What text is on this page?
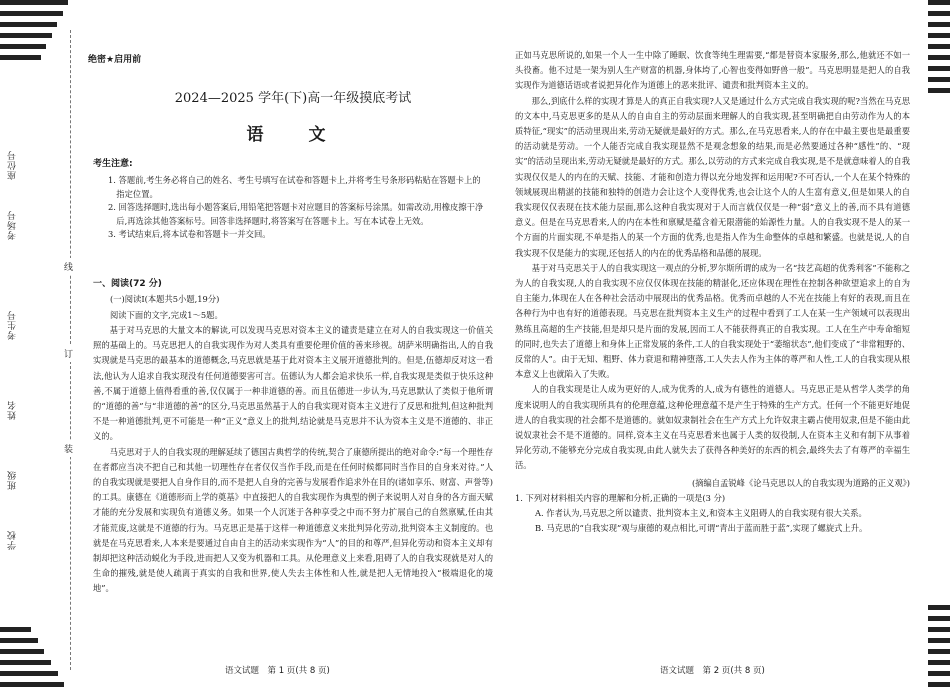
学校
班级
姓名
考生号
考场号
座位号
装
订
线
绝密★启用前
2024—2025 学年(下)高一年级摸底考试
语　文
考生注意:
1. 答题前,考生务必将自己的姓名、考生号填写在试卷和答题卡上,并将考生号条形码粘贴在答题卡上的指定位置。
2. 回答选择题时,选出每小题答案后,用铅笔把答题卡对应题目的答案标号涂黑。如需改动,用橡皮擦干净后,再选涂其他答案标号。回答非选择题时,将答案写在答题卡上。写在本试卷上无效。
3. 考试结束后,将本试卷和答题卡一并交回。
一、阅读(72 分)
(一)阅读Ⅰ(本题共5小题,19分)
阅读下面的文字,完成1～5题。

基于对马克思的大量文本的解读,可以发现马克思对资本主义的谴责是建立在对人的自我实现这一价值关照的基础上的。马克思把人的自我实现作为对人类具有重要伦理价值的善来珍视。胡萨米明确指出,人的自我实现就是马克思的最基本的道德概念,马克思就是基于此对资本主义展开道德批判的。但是,伍德却反对这一看法,他认为人追求自我实现没有任何道德要害可言。伍德认为人都会追求快乐一样,自我实现是类似于快乐这种善,不属于道德上值得看重的善,仅仅属于一种非道德的善。而且伍德进一步认为,马克思默认了类似于他所谓的“道德的善”与“非道德的善”的区分,马克思虽然基于人的自我实现对资本主义进行了反思和批判,但这种批判不是一种道德批判,更不可能是一种“正义”意义上的批判,结论就是马克思并不认为资本主义是不道德的、非正义的。

马克思对于人的自我实现的理解延续了德国古典哲学的传统,契合了康德所提出的绝对命令:“每一个理性存在者都应当决不把自己和其他一切理性存在者仅仅当作手段,而是在任何时候都同时当作目的自身来对待。”人的自我实现就是要把人自身作目的,而不是把人自身的完善与发展看作追求外在目的(诸如享乐、财富、声誉等)的工具。康德在《道德形而上学的奠基》中直接把人的自我实现作为典型的例子来说明人对自身的各方面天赋才能的充分发展和实现负有道德义务。如果一个人沉迷于各种享受之中而不努力扩展自己的自然禀赋,任由其才能荒废,这就是不道德的行为。马克思正是基于这样一种道德意义来批判异化劳动,批判资本主义制度的。也就是在马克思看来,人本来是要通过自由自主的活动来实现作为“人”的目的和尊严,但异化劳动和资本主义却有制却把这种活动蜕化为手段,进而把人又变为机器和工具。从伦理意义上来看,阻碍了人的自我实现就是对人的生命的摧残,就是使人疏离于真实的自我和世界,使人失去主体性和人性,就是把人无情地投入“极端退化的境地”。

语文试题　第 1 页(共 8 页)

正如马克思所说的,如果一个人一生中除了睡眠、饮食等纯生理需要,“都是替资本家服务,那么,他就还不如一头役畜。他不过是一架为别人生产财富的机器,身体垮了,心智也变得如野兽一般”。马克思明显是把人的自我实现作为道德话语或者说把异化作为道德上的恶来批评、谴责和批判资本主义的。

那么,到底什么样的实现才算是人的真正自我实现?人又是通过什么方式完成自我实现的呢?当然在马克思的文本中,马克思更多的是从人的自由自主的劳动层面来理解人的自我实现,甚至明确把自由劳动作为人的本质特征,“现实”的活动里现出来,劳动无疑就是最好的方式。那么,在马克思看来,人的存在中最主要也是最重要的活动就是劳动。一个人能否完成自我实现显然不是观念想象的结果,而是必然要通过各种“感性”的、“现实”的活动呈现出来,劳动无疑就是最好的方式。那么,以劳动的方式来完成自我实现,是不是就意味着人的自我实现仅仅是人的内在的天赋、技能、才能和创造力得以充分地发挥和运用呢?不可否认,一个人在某个特殊的领域展现出精湛的技能和独特的创造力会让这个人变得优秀,也会让这个人的人生富有意义,但是如果人的自我实现仅仅表现在技术能力层面,那么这种自我实现对于人而言就仅仅是一种“弱”意义上的善,而不具有道德意义。但是在马克思看来,人的内在本性和禀赋是蕴含着无限潜能的始源性力量。人的自我实现不是人的某一个方面的片面实现,不单是指人的某一个方面的优秀,也是指人作为生命整体的卓越和繁盛。也就是说,人的自我实现不仅是能力的实现,还包括人的内在的优秀品格和品德的展现。

基于对马克思关于人的自我实现这一观点的分析,罗尔斯所谓的成为一名“技艺高超的优秀利客”不能称之为人的自我实现,人的自我实现不应仅仅体现在技能的精湛化,还应体现在理性在控制各种欲望追求上的自为自主能力,体现在人在各种社会活动中展现出的优秀品格。优秀而卓越的人不光在技能上有好的表现,而且在各种行为中也有好的道德表现。马克思在批判资本主义生产的过程中看到了工人在某一生产领域可以表现出熟练且高超的生产技能,但是却只是片面的发展,因而工人不能获得真正的自我实现。工人在生产中寿命缩短的同时,也失去了道德上和身体上正常发展的条件,工人的自我实现处于“萎缩状态”,他们变成了“非常粗野的、反常的人”。由于无知、粗野、体力衰退和精神堕落,工人失去人作为主体的尊严和人性,工人的自我实现从根本意义上也就陷入了失败。

人的自我实现是让人成为更好的人,成为优秀的人,成为有德性的道德人。马克思正是从哲学人类学的角度来说明人的自我实现所具有的伦理意蕴,这种伦理意蕴不是产生于特殊的生产方式。任何一个不能更好地促进人的自我实现的社会都不是道德的。就如奴隶制社会在生产方式上允许奴隶主霸占使用奴隶,但是不能由此说奴隶社会不是不道德的。同样,资本主义在马克思看来也属于人类的奴役制,人在资本主义和有制下从事着异化劳动,不能够充分完成自我实现,由此人就失去了获得各种美好的东西的机会,最终失去了有尊严的幸福生活。

(摘编自孟锐峰《论马克思以人的自我实现为道路的正义观》)
1. 下列对材料相关内容的理解和分析,正确的一项是(3 分)
A. 作者认为,马克思之所以谴责、批判资本主义,和资本主义阻碍人的自我实现有很大关系。
B. 马克思的“自我实现”观与康德的观点相比,可谓“青出于蓝而胜于蓝”,实现了螺旋式上升。
语文试题　第 2 页(共 8 页)
